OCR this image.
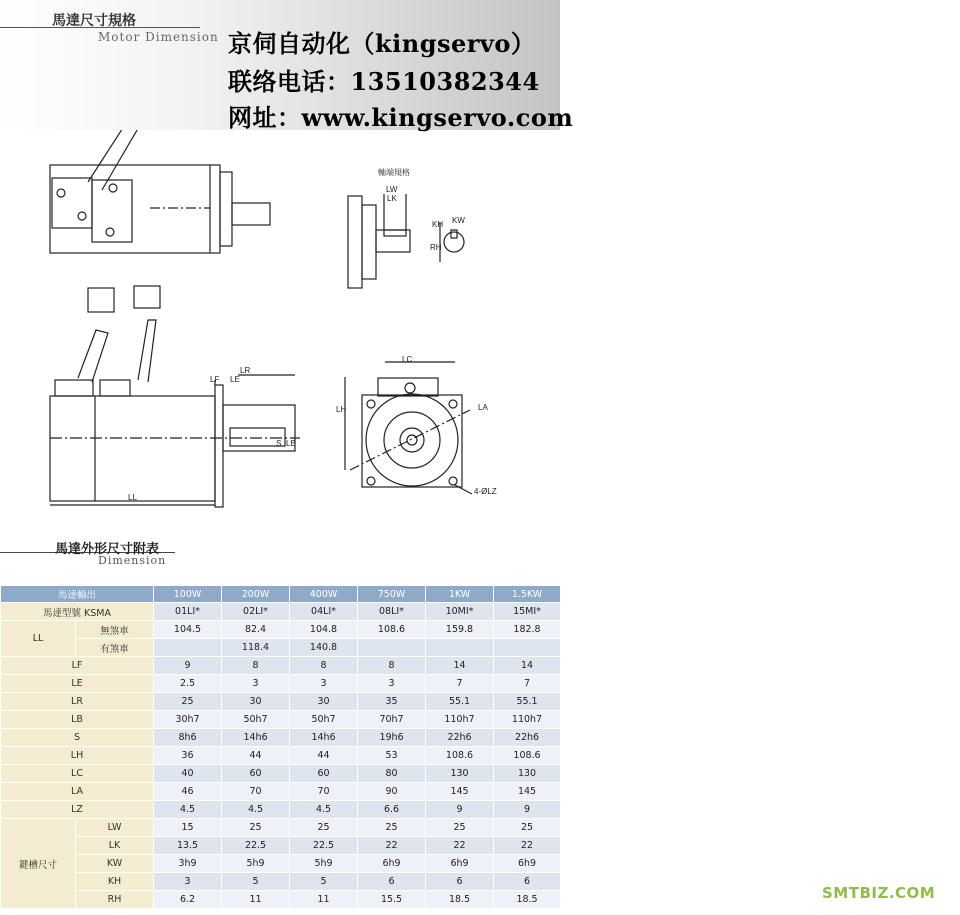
馬達尺寸規格
Motor Dimension 京伺自动化（kingservo）
联络电话：13510382344
网址：www.kingservo.com
軸端規格
LW
LK
KH KW
RH
LR
LF LE
LB
S
LL
LC
LH	LA
4-ØLZ
馬達外形尺寸附表
Dimension
馬達輸出		100W	200W	400W	750W	1KW	1.5KW
馬達型號 KSMA		01LI*	02LI*	04LI*	08LI*	10MI*	15MI*
LL	無煞車	104.5	82.4	104.8	108.6	159.8	182.8
	有煞車		118.4	140.8			
LF		9	8	8	8	14	14
LE		2.5	3	3	3	7	7
LR		25	30	30	35	55.1	55.1
LB		30h7	50h7	50h7	70h7	110h7	110h7
S		8h6	14h6	14h6	19h6	22h6	22h6
LH		36	44	44	53	108.6	108.6
LC		40	60	60	80	130	130
LA		46	70	70	90	145	145
LZ		4.5	4.5	4.5	6.6	9	9
鍵槽尺寸	LW	15	25	25	25	25	25
	LK	13.5	22.5	22.5	22	22	22
	KW	3h9	5h9	5h9	6h9	6h9	6h9
	KH	3	5	5	6	6	6
	RH	6.2	11	11	15.5	18.5	18.5	SMTBIZ.COM
